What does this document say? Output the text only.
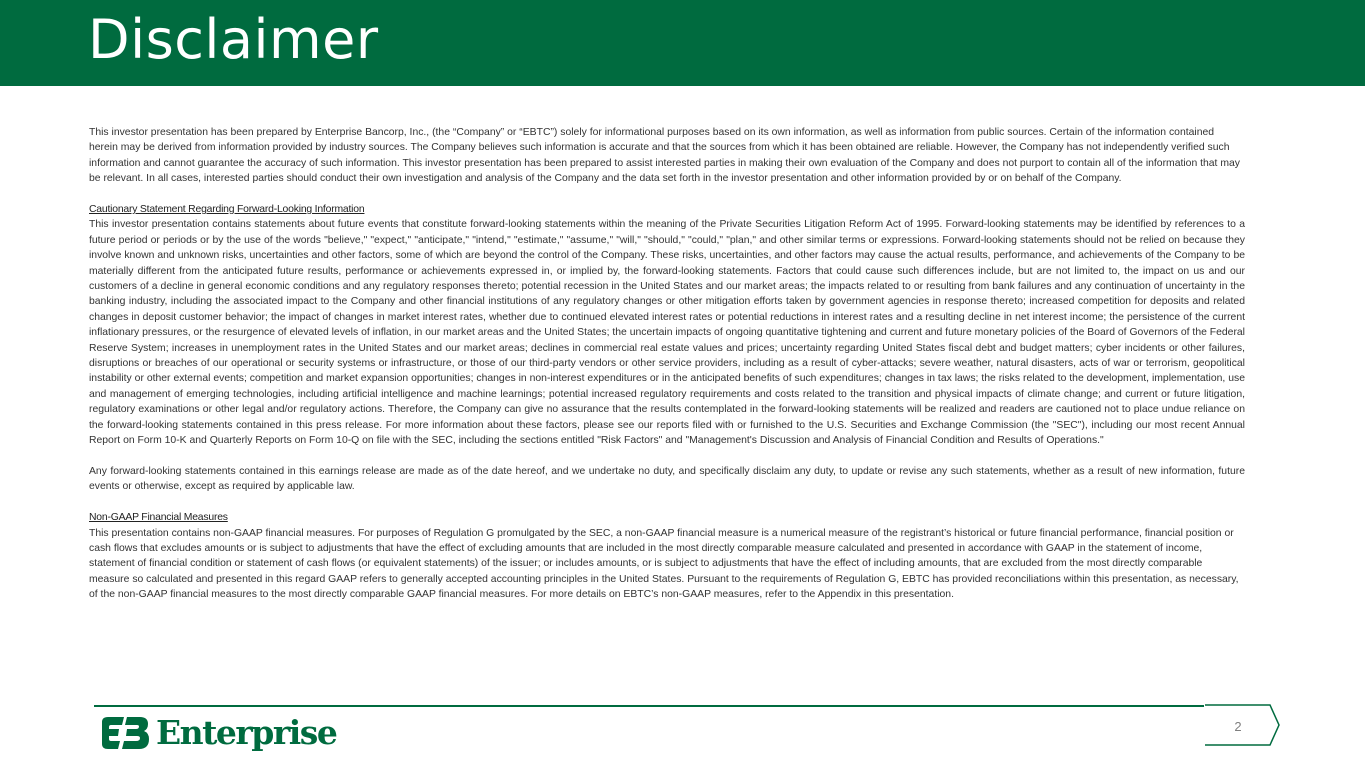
Disclaimer

This investor presentation has been prepared by Enterprise Bancorp, Inc., (the “Company” or “EBTC”) solely for informational purposes based on its own information, as well as information from public sources. Certain of the information contained herein may be derived from information provided by industry sources. The Company believes such information is accurate and that the sources from which it has been obtained are reliable. However, the Company has not independently verified such information and cannot guarantee the accuracy of such information. This investor presentation has been prepared to assist interested parties in making their own evaluation of the Company and does not purport to contain all of the information that may be relevant. In all cases, interested parties should conduct their own investigation and analysis of the Company and the data set forth in the investor presentation and other information provided by or on behalf of the Company.

Cautionary Statement Regarding Forward-Looking Information

This investor presentation contains statements about future events that constitute forward-looking statements within the meaning of the Private Securities Litigation Reform Act of 1995. Forward-looking statements may be identified by references to a future period or periods or by the use of the words "believe," "expect," "anticipate," "intend," "estimate," "assume," "will," "should," "could," "plan," and other similar terms or expressions. Forward-looking statements should not be relied on because they involve known and unknown risks, uncertainties and other factors, some of which are beyond the control of the Company. These risks, uncertainties, and other factors may cause the actual results, performance, and achievements of the Company to be materially different from the anticipated future results, performance or achievements expressed in, or implied by, the forward-looking statements. Factors that could cause such differences include, but are not limited to, the impact on us and our customers of a decline in general economic conditions and any regulatory responses thereto; potential recession in the United States and our market areas; the impacts related to or resulting from bank failures and any continuation of uncertainty in the banking industry, including the associated impact to the Company and other financial institutions of any regulatory changes or other mitigation efforts taken by government agencies in response thereto; increased competition for deposits and related changes in deposit customer behavior; the impact of changes in market interest rates, whether due to continued elevated interest rates or potential reductions in interest rates and a resulting decline in net interest income; the persistence of the current inflationary pressures, or the resurgence of elevated levels of inflation, in our market areas and the United States; the uncertain impacts of ongoing quantitative tightening and current and future monetary policies of the Board of Governors of the Federal Reserve System; increases in unemployment rates in the United States and our market areas; declines in commercial real estate values and prices; uncertainty regarding United States fiscal debt and budget matters; cyber incidents or other failures, disruptions or breaches of our operational or security systems or infrastructure, or those of our third-party vendors or other service providers, including as a result of cyber-attacks; severe weather, natural disasters, acts of war or terrorism, geopolitical instability or other external events; competition and market expansion opportunities; changes in non-interest expenditures or in the anticipated benefits of such expenditures; changes in tax laws; the risks related to the development, implementation, use and management of emerging technologies, including artificial intelligence and machine learnings; potential increased regulatory requirements and costs related to the transition and physical impacts of climate change; and current or future litigation, regulatory examinations or other legal and/or regulatory actions. Therefore, the Company can give no assurance that the results contemplated in the forward-looking statements will be realized and readers are cautioned not to place undue reliance on the forward-looking statements contained in this press release. For more information about these factors, please see our reports filed with or furnished to the U.S. Securities and Exchange Commission (the "SEC"), including our most recent Annual Report on Form 10-K and Quarterly Reports on Form 10-Q on file with the SEC, including the sections entitled "Risk Factors" and "Management's Discussion and Analysis of Financial Condition and Results of Operations."

Any forward-looking statements contained in this earnings release are made as of the date hereof, and we undertake no duty, and specifically disclaim any duty, to update or revise any such statements, whether as a result of new information, future events or otherwise, except as required by applicable law.

Non-GAAP Financial Measures

This presentation contains non-GAAP financial measures. For purposes of Regulation G promulgated by the SEC, a non-GAAP financial measure is a numerical measure of the registrant’s historical or future financial performance, financial position or cash flows that excludes amounts or is subject to adjustments that have the effect of excluding amounts that are included in the most directly comparable measure calculated and presented in accordance with GAAP in the statement of income, statement of financial condition or statement of cash flows (or equivalent statements) of the issuer; or includes amounts, or is subject to adjustments that have the effect of including amounts, that are excluded from the most directly comparable measure so calculated and presented in this regard GAAP refers to generally accepted accounting principles in the United States. Pursuant to the requirements of Regulation G, EBTC has provided reconciliations within this presentation, as necessary, of the non-GAAP financial measures to the most directly comparable GAAP financial measures. For more details on EBTC’s non-GAAP measures, refer to the Appendix in this presentation.

Enterprise	2
